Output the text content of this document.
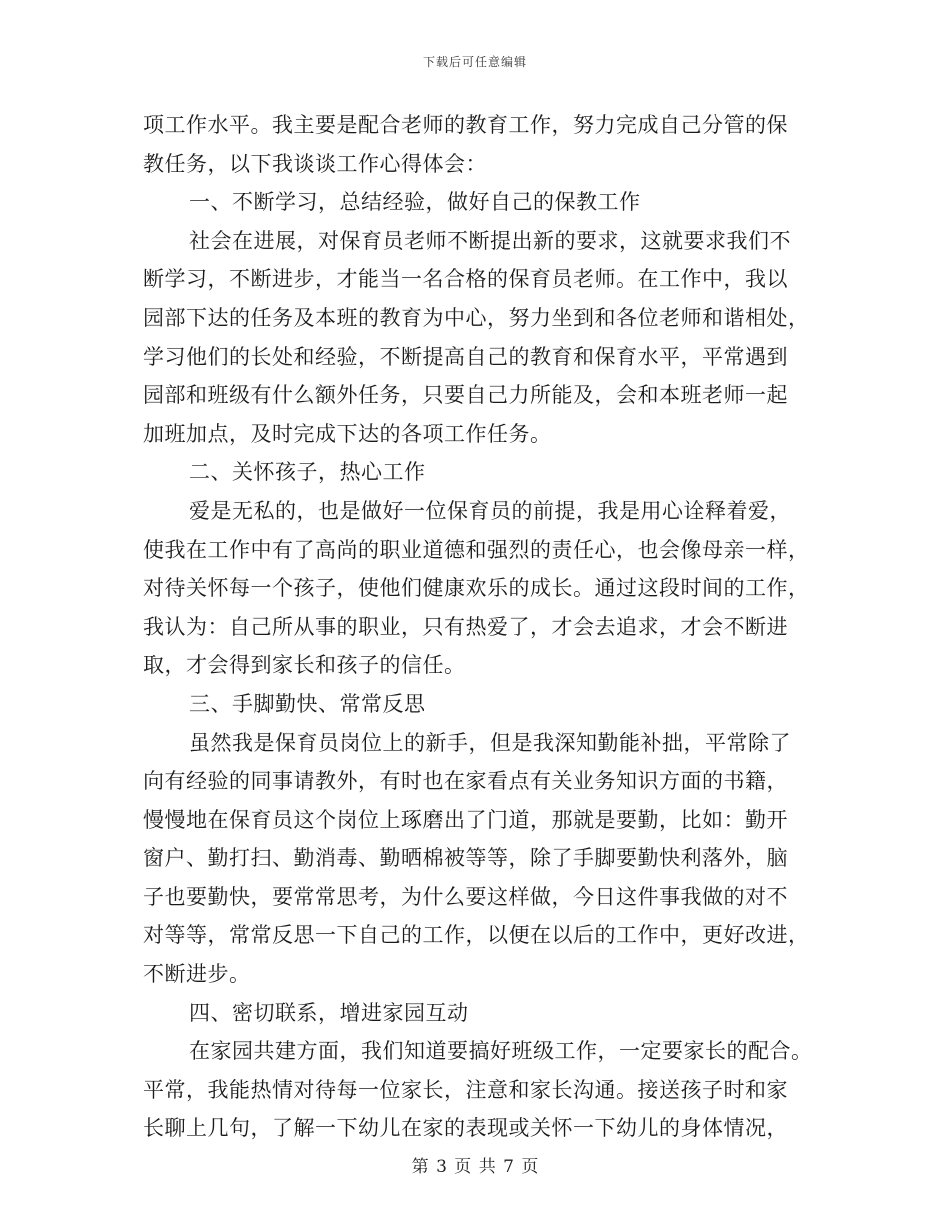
下载后可任意编辑
项工作水平。我主要是配合老师的教育工作，努力完成自己分管的保
教任务，以下我谈谈工作心得体会：
一、不断学习，总结经验，做好自己的保教工作
社会在进展，对保育员老师不断提出新的要求，这就要求我们不
断学习，不断进步，才能当一名合格的保育员老师。在工作中，我以
园部下达的任务及本班的教育为中心，努力坐到和各位老师和谐相处，
学习他们的长处和经验，不断提高自己的教育和保育水平，平常遇到
园部和班级有什么额外任务，只要自己力所能及，会和本班老师一起
加班加点，及时完成下达的各项工作任务。
二、关怀孩子，热心工作
爱是无私的，也是做好一位保育员的前提，我是用心诠释着爱，
使我在工作中有了高尚的职业道德和强烈的责任心，也会像母亲一样，
对待关怀每一个孩子，使他们健康欢乐的成长。通过这段时间的工作，
我认为：自己所从事的职业，只有热爱了，才会去追求，才会不断进
取，才会得到家长和孩子的信任。
三、手脚勤快、常常反思
虽然我是保育员岗位上的新手，但是我深知勤能补拙，平常除了
向有经验的同事请教外，有时也在家看点有关业务知识方面的书籍，
慢慢地在保育员这个岗位上琢磨出了门道，那就是要勤，比如：勤开
窗户、勤打扫、勤消毒、勤晒棉被等等，除了手脚要勤快利落外，脑
子也要勤快，要常常思考，为什么要这样做，今日这件事我做的对不
对等等，常常反思一下自己的工作，以便在以后的工作中，更好改进，
不断进步。
四、密切联系，增进家园互动
在家园共建方面，我们知道要搞好班级工作，一定要家长的配合。
平常，我能热情对待每一位家长，注意和家长沟通。接送孩子时和家
长聊上几句，了解一下幼儿在家的表现或关怀一下幼儿的身体情况，
第 3 页 共 7 页
